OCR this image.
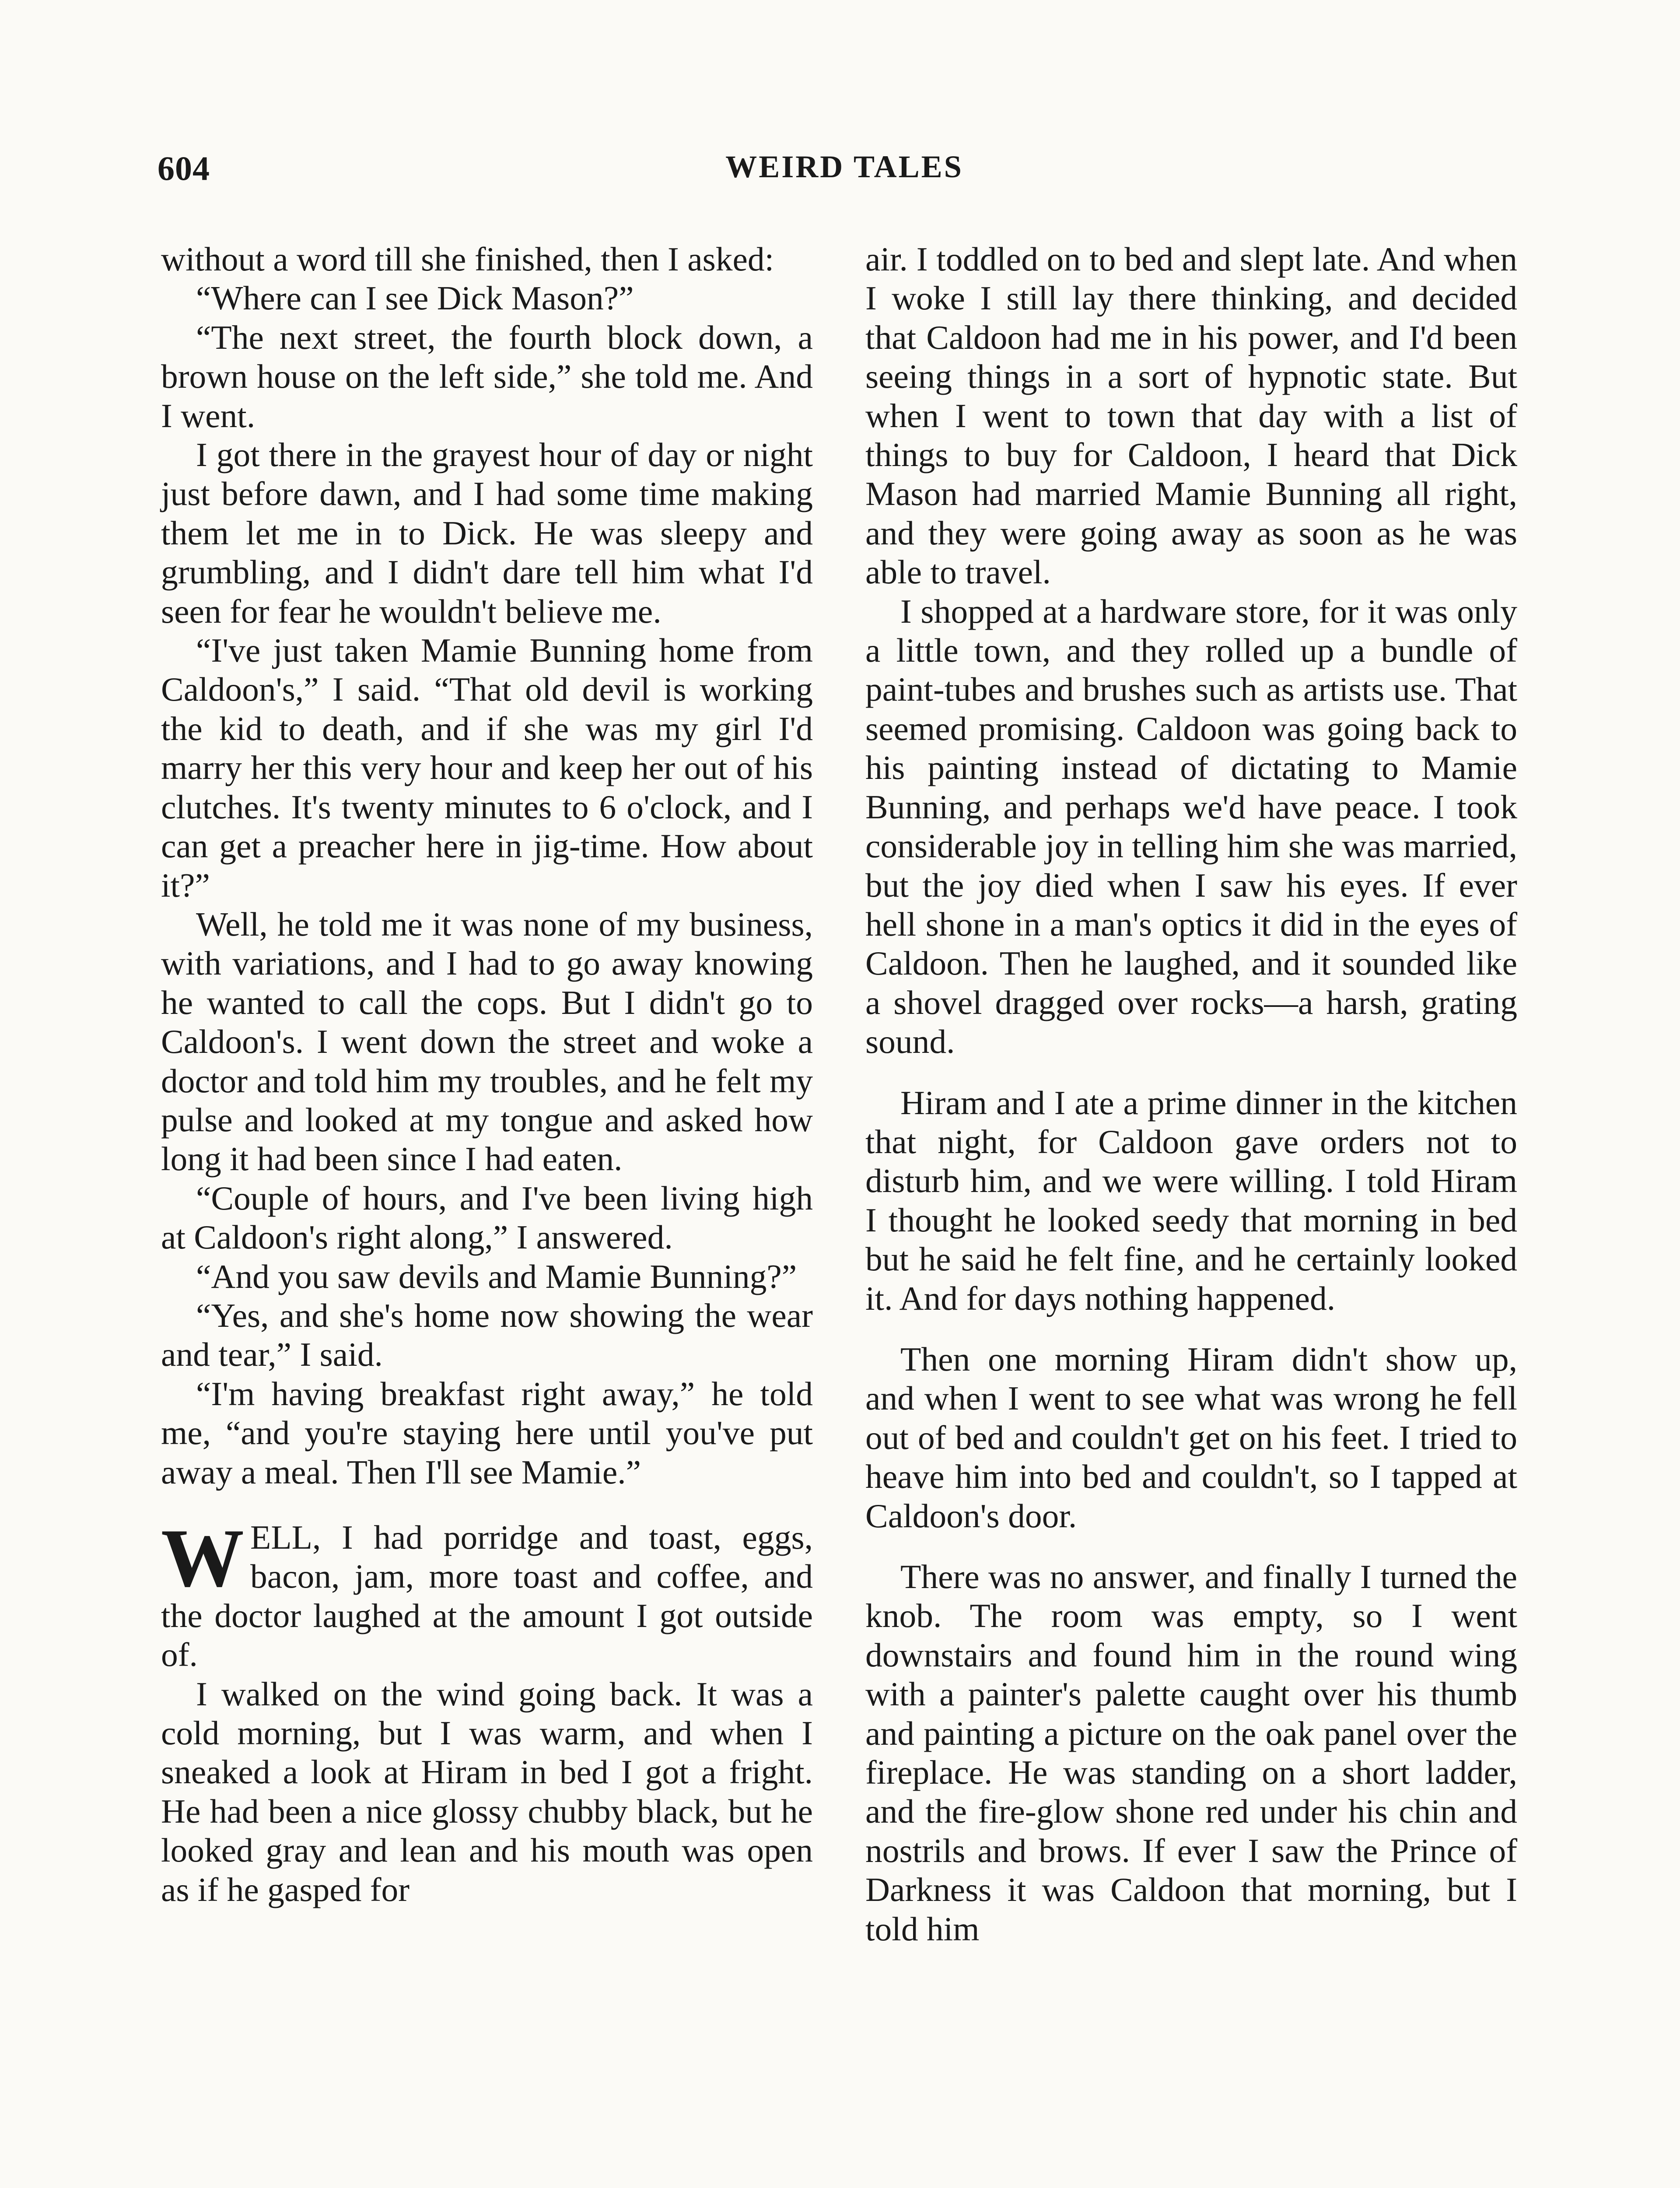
604	WEIRD TALES

without a word till she finished, then I asked:

“Where can I see Dick Mason?”

“The next street, the fourth block down, a brown house on the left side,” she told me. And I went.

I got there in the grayest hour of day or night just before dawn, and I had some time making them let me in to Dick. He was sleepy and grumbling, and I didn't dare tell him what I'd seen for fear he wouldn't believe me.

“I've just taken Mamie Bunning home from Caldoon's,” I said. “That old devil is working the kid to death, and if she was my girl I'd marry her this very hour and keep her out of his clutches. It's twenty minutes to 6 o'clock, and I can get a preacher here in jig-time. How about it?”

Well, he told me it was none of my business, with variations, and I had to go away knowing he wanted to call the cops. But I didn't go to Caldoon's. I went down the street and woke a doctor and told him my troubles, and he felt my pulse and looked at my tongue and asked how long it had been since I had eaten.

“Couple of hours, and I've been living high at Caldoon's right along,” I answered.

“And you saw devils and Mamie Bunning?”

“Yes, and she's home now showing the wear and tear,” I said.

“I'm having breakfast right away,” he told me, “and you're staying here until you've put away a meal. Then I'll see Mamie.”

WELL, I had porridge and toast, eggs, bacon, jam, more toast and coffee, and the doctor laughed at the amount I got outside of.

I walked on the wind going back. It was a cold morning, but I was warm, and when I sneaked a look at Hiram in bed I got a fright. He had been a nice glossy chubby black, but he looked gray and lean and his mouth was open as if he gasped for

air. I toddled on to bed and slept late. And when I woke I still lay there thinking, and decided that Caldoon had me in his power, and I'd been seeing things in a sort of hypnotic state. But when I went to town that day with a list of things to buy for Caldoon, I heard that Dick Mason had married Mamie Bunning all right, and they were going away as soon as he was able to travel.

I shopped at a hardware store, for it was only a little town, and they rolled up a bundle of paint-tubes and brushes such as artists use. That seemed promising. Caldoon was going back to his painting instead of dictating to Mamie Bunning, and perhaps we'd have peace. I took considerable joy in telling him she was married, but the joy died when I saw his eyes. If ever hell shone in a man's optics it did in the eyes of Caldoon. Then he laughed, and it sounded like a shovel dragged over rocks—a harsh, grating sound.

Hiram and I ate a prime dinner in the kitchen that night, for Caldoon gave orders not to disturb him, and we were willing. I told Hiram I thought he looked seedy that morning in bed but he said he felt fine, and he certainly looked it. And for days nothing happened.

Then one morning Hiram didn't show up, and when I went to see what was wrong he fell out of bed and couldn't get on his feet. I tried to heave him into bed and couldn't, so I tapped at Caldoon's door.

There was no answer, and finally I turned the knob. The room was empty, so I went downstairs and found him in the round wing with a painter's palette caught over his thumb and painting a picture on the oak panel over the fireplace. He was standing on a short ladder, and the fire-glow shone red under his chin and nostrils and brows. If ever I saw the Prince of Darkness it was Caldoon that morning, but I told him
